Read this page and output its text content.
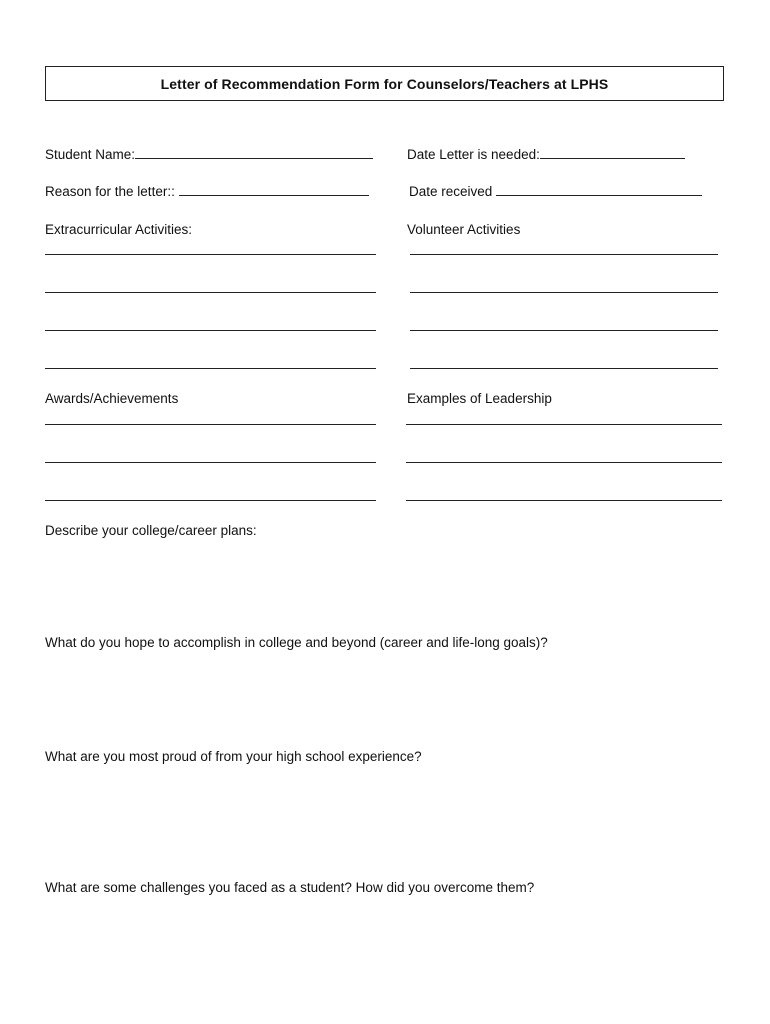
Letter of Recommendation Form for Counselors/Teachers at LPHS
Student Name:	Date Letter is needed:
Reason for the letter::	Date received
Extracurricular Activities:	Volunteer Activities
Awards/Achievements	Examples of Leadership
Describe your college/career plans:
What do you hope to accomplish in college and beyond (career and life-long goals)?
What are you most proud of from your high school experience?
What are some challenges you faced as a student? How did you overcome them?
